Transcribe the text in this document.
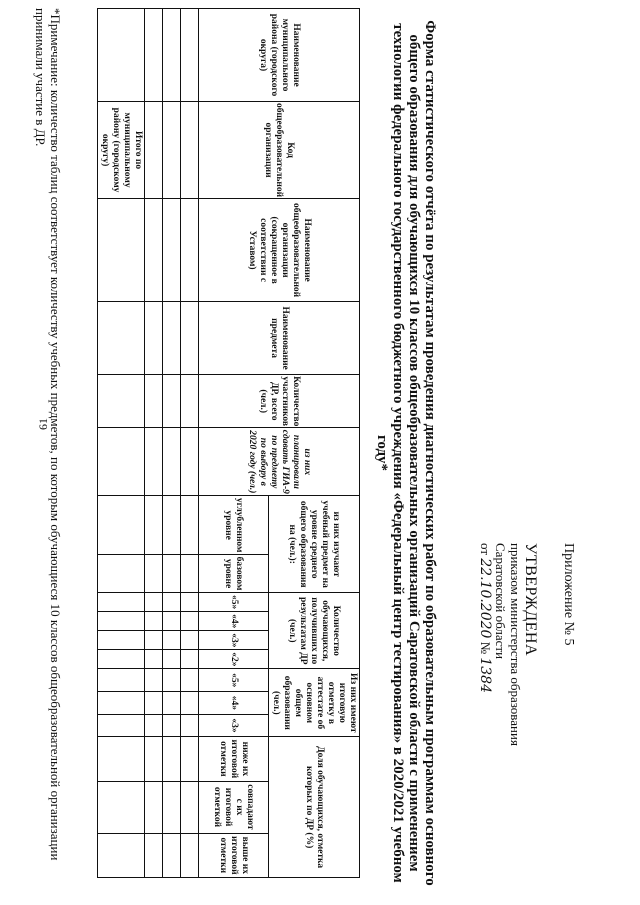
61
Приложение № 5
УТВЕРЖДЕНА
приказом министерства образования
Саратовской области
от 22.10.2020 № 1384
Форма статистического отчёта по результатам проведения диагностических работ по образовательным программам основного общего образования для обучающихся 10 классов общеобразовательных организаций Саратовской области с применением технологии федерального государственного бюджетного учреждения «Федеральный центр тестирования» в 2020/2021 учебном году*
Наименование муниципального района (городского округа)	Код общеобразовательной организации	Наименование общеобразовательной организации (сокращенное в соответствии с Уставом)	Наименование предмета	Количество участников ДР, всего (чел.)	из них планировали сдавать ГИА-9 по предмету по выбору в 2020 году (чел.)	из них изучают учебный предмет на уровне среднего общего образования на (чел.):		Количество обучающихся, получивших по результатам ДР (чел.)				Из них имеют итоговую отметку в аттестате об основном общем образовании (чел.)			Доля обучающихся, отметка которых по ДР (%)		
						углубленном уровне	базовом уровне	«5»	«4»	«3»	«2»	«5»	«4»	«3»	ниже их итоговой отметки	совпадают с их итоговой отметкой	выше их итоговой отметки

	Итого по муниципальному району (городскому округу)																
*Примечание: количество таблиц соответствует количеству учебных предметов, по которым обучающиеся 10 классов общеобразовательной организации принимали участие в ДР.
